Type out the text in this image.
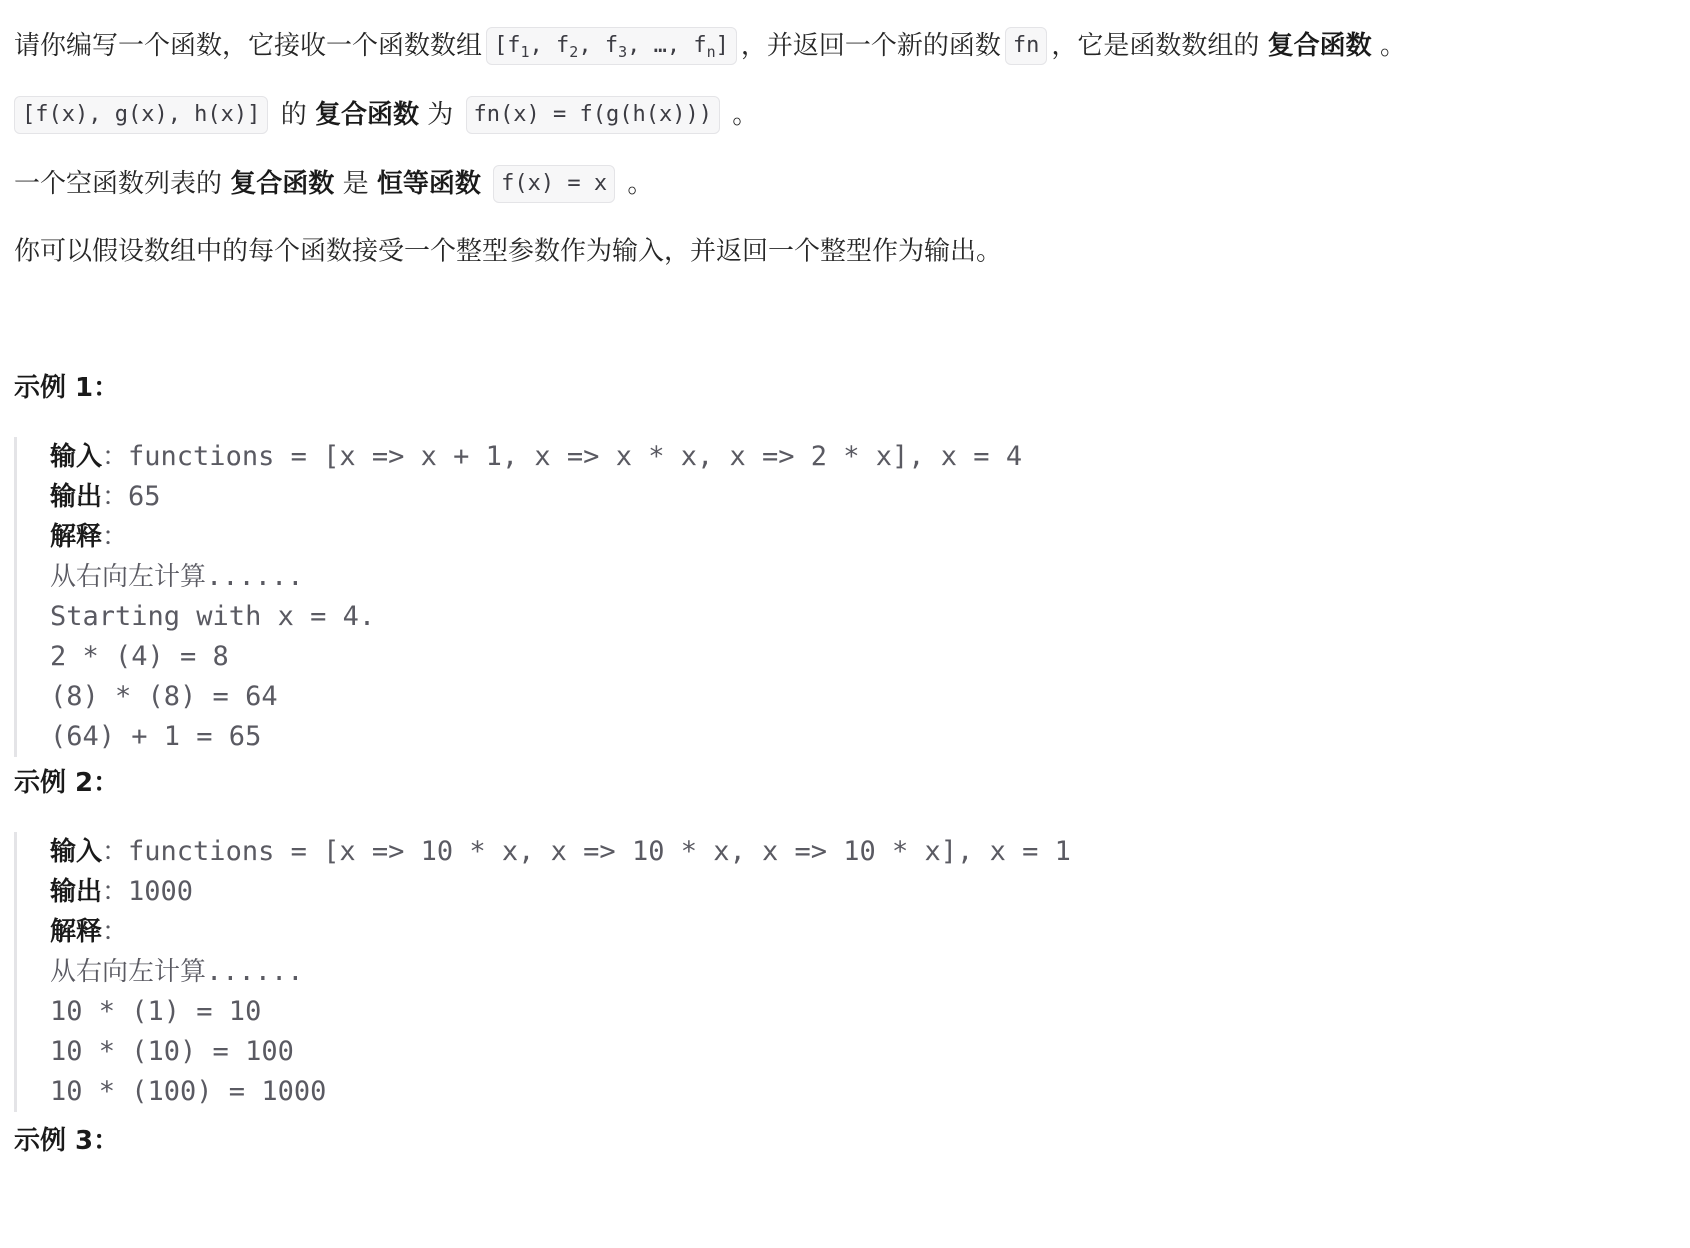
请你编写一个函数，它接收一个函数数组 [$f_1$, $f_2$, $f_3$, …, $f_n$] ，并返回一个新的函数 fn ，它是函数数组的 复合函数 。
[f(x), g(x), h(x)] 的 复合函数 为 fn(x) = f(g(h(x))) 。
一个空函数列表的 复合函数 是 恒等函数 f(x) = x 。
你可以假设数组中的每个函数接受一个整型参数作为输入，并返回一个整型作为输出。
示例 1：
输入：functions = [x => x + 1, x => x * x, x => 2 * x], x = 4
输出：65
解释：
从右向左计算......
Starting with x = 4.
2 * (4) = 8
(8) * (8) = 64
(64) + 1 = 65
示例 2：
输入：functions = [x => 10 * x, x => 10 * x, x => 10 * x], x = 1
输出：1000
解释：
从右向左计算......
10 * (1) = 10
10 * (10) = 100
10 * (100) = 1000
示例 3：
